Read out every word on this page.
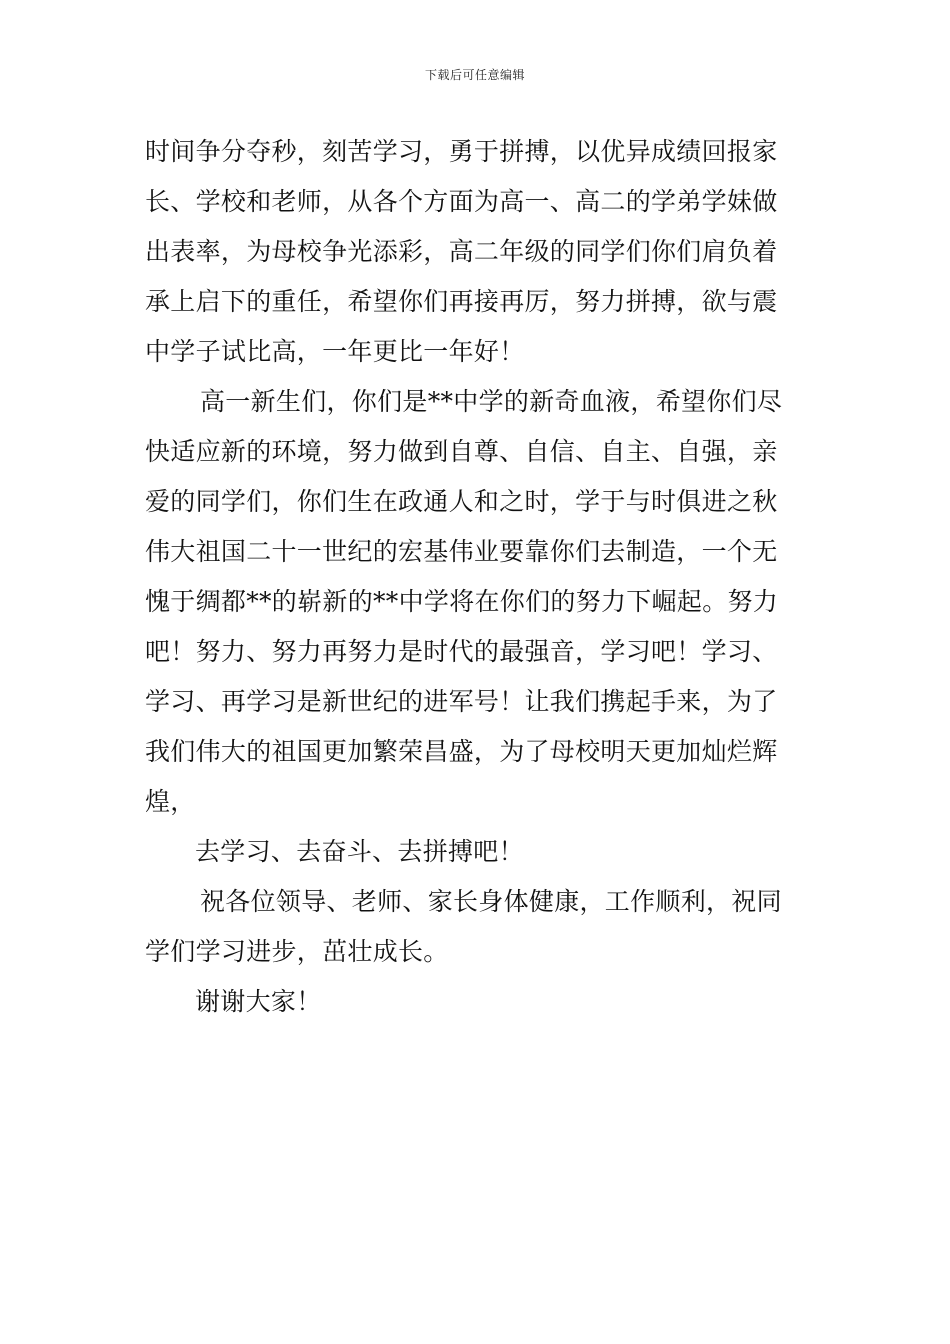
下载后可任意编辑
时间争分夺秒，刻苦学习，勇于拼搏，以优异成绩回报家
长、学校和老师，从各个方面为高一、高二的学弟学妹做
出表率，为母校争光添彩，高二年级的同学们你们肩负着
承上启下的重任，希望你们再接再厉，努力拼搏，欲与震
中学子试比高，一年更比一年好！
高一新生们，你们是**中学的新奇血液，希望你们尽
快适应新的环境，努力做到自尊、自信、自主、自强，亲
爱的同学们，你们生在政通人和之时，学于与时俱进之秋
伟大祖国二十一世纪的宏基伟业要靠你们去制造，一个无
愧于绸都**的崭新的**中学将在你们的努力下崛起。努力
吧！努力、努力再努力是时代的最强音，学习吧！学习、
学习、再学习是新世纪的进军号！让我们携起手来，为了
我们伟大的祖国更加繁荣昌盛，为了母校明天更加灿烂辉
煌，
去学习、去奋斗、去拼搏吧！
祝各位领导、老师、家长身体健康，工作顺利，祝同
学们学习进步，茁壮成长。
谢谢大家！
